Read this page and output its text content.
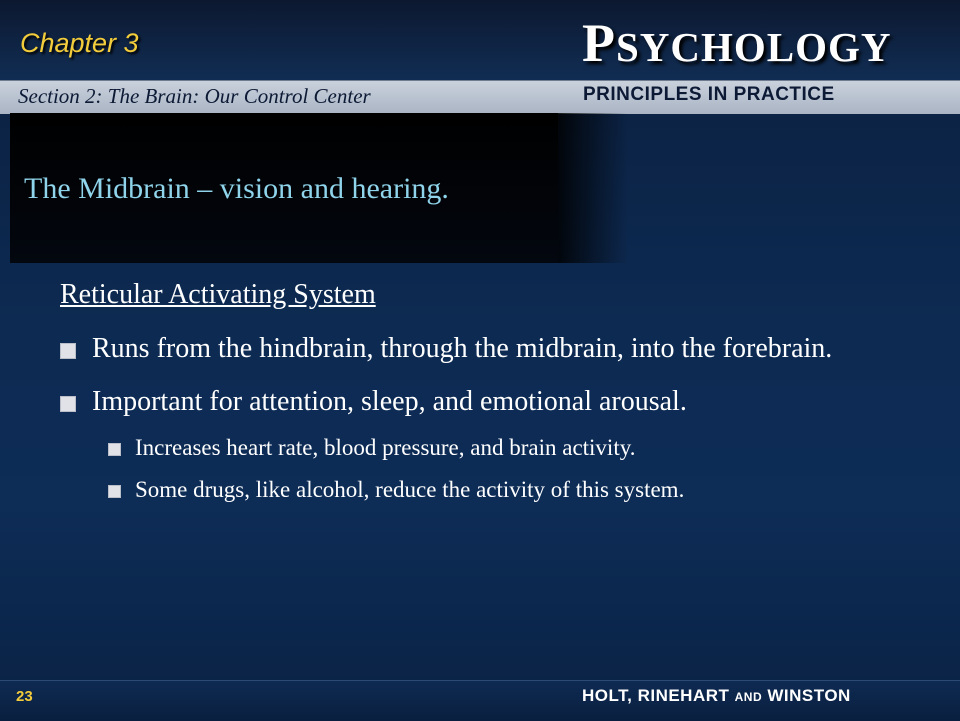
Chapter 3	PSYCHOLOGY
Section 2: The Brain: Our Control Center	PRINCIPLES IN PRACTICE
The Midbrain – vision and hearing.
Reticular Activating System
Runs from the hindbrain, through the midbrain, into the forebrain.
Important for attention, sleep, and emotional arousal.
Increases heart rate, blood pressure, and brain activity.
Some drugs, like alcohol, reduce the activity of this system.
23	HOLT, RINEHART AND WINSTON
